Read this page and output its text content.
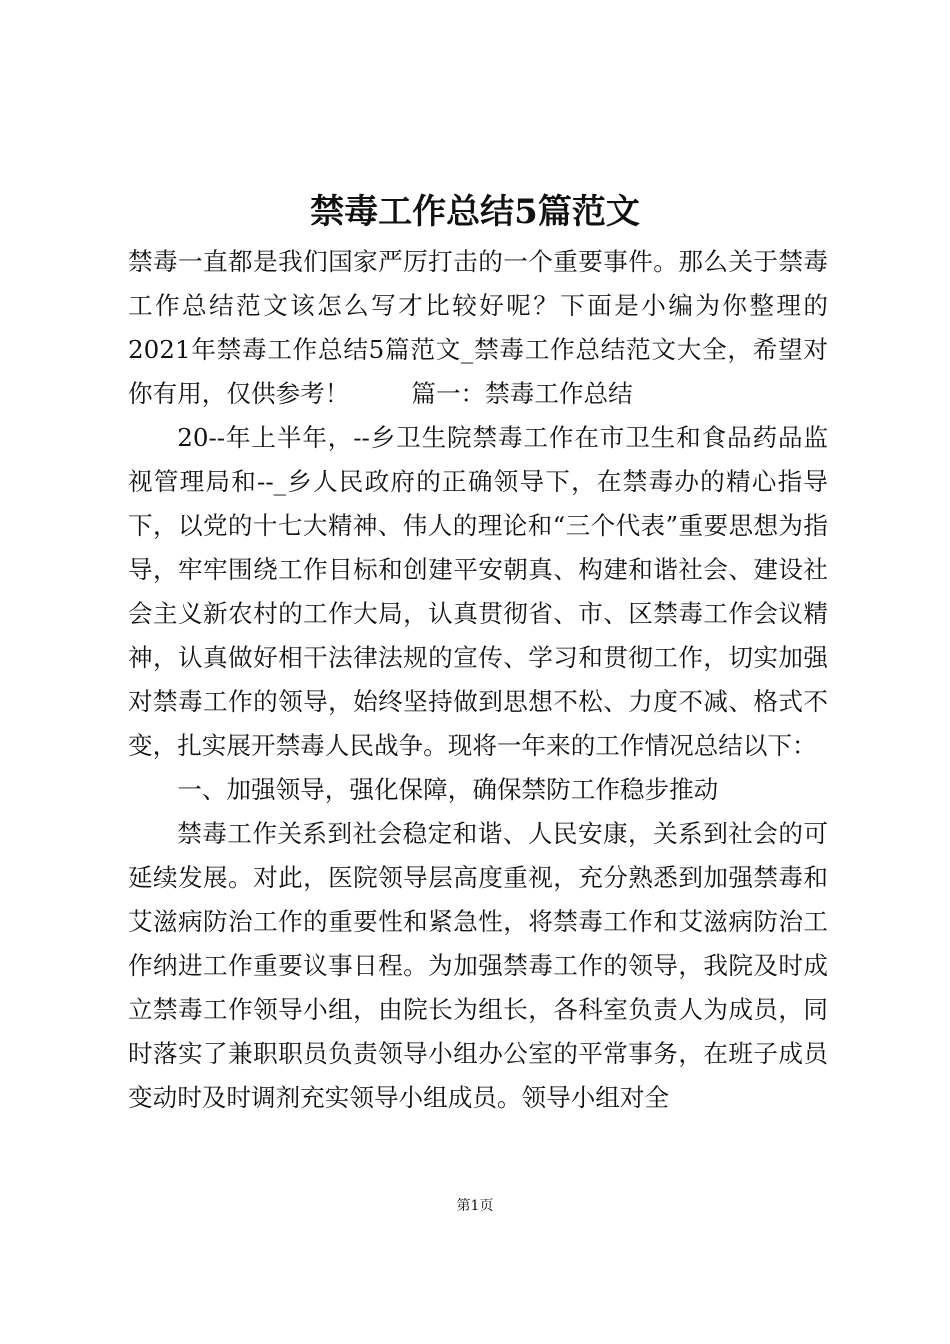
禁毒工作总结5篇范文

禁毒一直都是我们国家严厉打击的一个重要事件。那么关于禁毒工作总结范文该怎么写才比较好呢？下面是小编为你整理的2021年禁毒工作总结5篇范文_禁毒工作总结范文大全，希望对你有用，仅供参考！	篇一：禁毒工作总结

20--年上半年，--乡卫生院禁毒工作在市卫生和食品药品监视管理局和--_乡人民政府的正确领导下，在禁毒办的精心指导下，以党的十七大精神、伟人的理论和“三个代表”重要思想为指导，牢牢围绕工作目标和创建平安朝真、构建和谐社会、建设社会主义新农村的工作大局，认真贯彻省、市、区禁毒工作会议精神，认真做好相干法律法规的宣传、学习和贯彻工作，切实加强对禁毒工作的领导，始终坚持做到思想不松、力度不减、格式不变，扎实展开禁毒人民战争。现将一年来的工作情况总结以下：

一、加强领导，强化保障，确保禁防工作稳步推动

禁毒工作关系到社会稳定和谐、人民安康，关系到社会的可延续发展。对此，医院领导层高度重视，充分熟悉到加强禁毒和艾滋病防治工作的重要性和紧急性，将禁毒工作和艾滋病防治工作纳进工作重要议事日程。为加强禁毒工作的领导，我院及时成立禁毒工作领导小组，由院长为组长，各科室负责人为成员，同时落实了兼职职员负责领导小组办公室的平常事务，在班子成员变动时及时调剂充实领导小组成员。领导小组对全

第1页
